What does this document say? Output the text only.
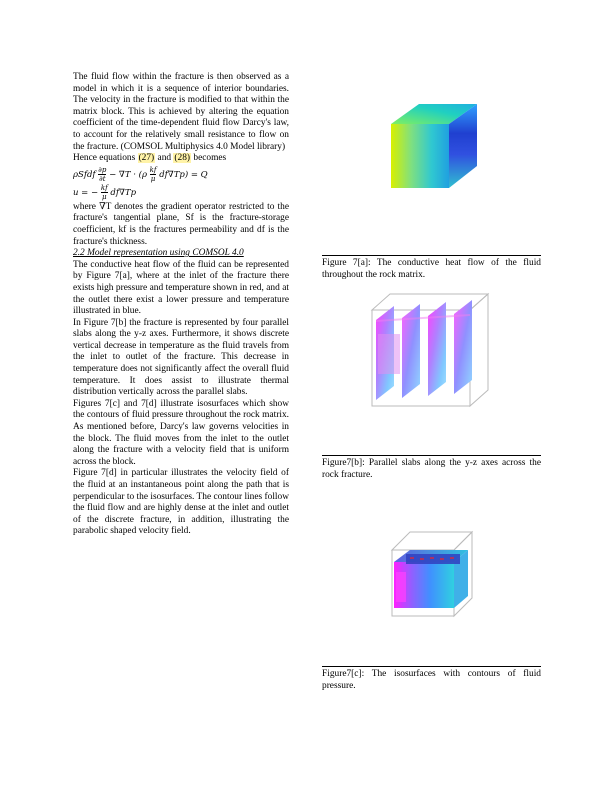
The fluid flow within the fracture is then observed as a model in which it is a sequence of interior boundaries. The velocity in the fracture is modified to that within the matrix block. This is achieved by altering the equation coefficient of the time-dependent fluid flow Darcy's law, to account for the relatively small resistance to flow on the fracture. (COMSOL Multiphysics 4.0 Model library)

Hence equations (27) and (28) becomes

ρSfdf $\frac{\partial p}{\partial t} - \nabla T \cdot (\rho \frac{kf}{\mu} df\nabla Tp) = Q$
u = − $\frac{kf}{\mu} df\nabla Tp$

where ∇T denotes the gradient operator restricted to the fracture's tangential plane, Sf is the fracture-storage coefficient, kf is the fractures permeability and df is the fracture's thickness.

2.2 Model representation using COMSOL 4.0

The conductive heat flow of the fluid can be represented by Figure 7[a], where at the inlet of the fracture there exists high pressure and temperature shown in red, and at the outlet there exist a lower pressure and temperature illustrated in blue.

In Figure 7[b] the fracture is represented by four parallel slabs along the y-z axes. Furthermore, it shows discrete vertical decrease in temperature as the fluid travels from the inlet to outlet of the fracture. This decrease in temperature does not significantly affect the overall fluid temperature. It does assist to illustrate thermal distribution vertically across the parallel slabs.

Figures 7[c] and 7[d] illustrate isosurfaces which show the contours of fluid pressure throughout the rock matrix. As mentioned before, Darcy's law governs velocities in the block. The fluid moves from the inlet to the outlet along the fracture with a velocity field that is uniform across the block.

Figure 7[d] in particular illustrates the velocity field of the fluid at an instantaneous point along the path that is perpendicular to the isosurfaces. The contour lines follow the fluid flow and are highly dense at the inlet and outlet of the discrete fracture, in addition, illustrating the parabolic shaped velocity field.

Figure 7[a]: The conductive heat flow of the fluid throughout the rock matrix.
Figure7[b]: Parallel slabs along the y-z axes across the rock fracture.
Figure7[c]: The isosurfaces with contours of fluid pressure.
